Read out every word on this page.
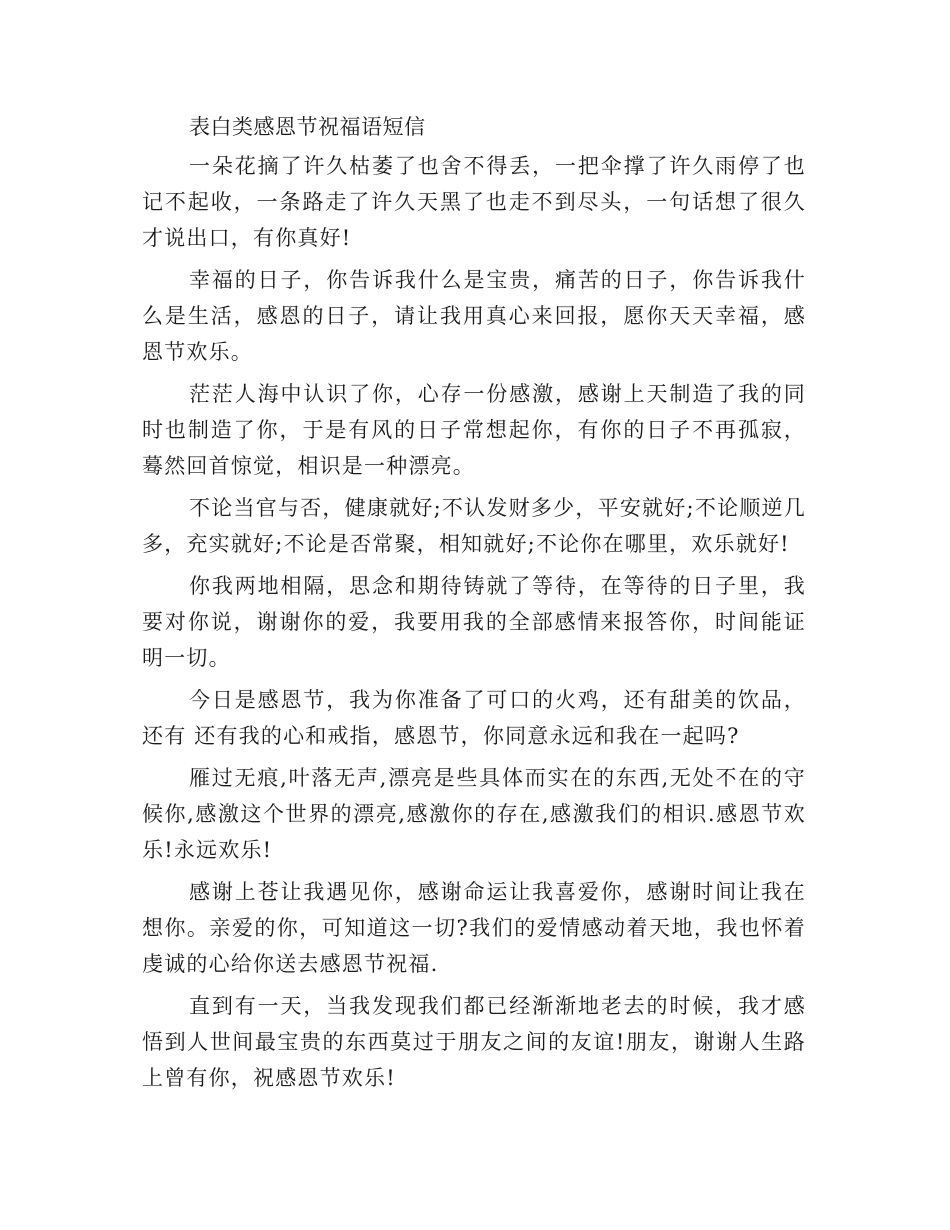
表白类感恩节祝福语短信

一朵花摘了许久枯萎了也舍不得丢，一把伞撑了许久雨停了也记不起收，一条路走了许久天黑了也走不到尽头，一句话想了很久才说出口，有你真好!

幸福的日子，你告诉我什么是宝贵，痛苦的日子，你告诉我什么是生活，感恩的日子，请让我用真心来回报，愿你天天幸福，感恩节欢乐。

茫茫人海中认识了你，心存一份感激，感谢上天制造了我的同时也制造了你，于是有风的日子常想起你，有你的日子不再孤寂，蓦然回首惊觉，相识是一种漂亮。

不论当官与否，健康就好;不认发财多少，平安就好;不论顺逆几多，充实就好;不论是否常聚，相知就好;不论你在哪里，欢乐就好!

你我两地相隔，思念和期待铸就了等待，在等待的日子里，我要对你说，谢谢你的爱，我要用我的全部感情来报答你，时间能证明一切。

今日是感恩节，我为你准备了可口的火鸡，还有甜美的饮品，还有 还有我的心和戒指，感恩节，你同意永远和我在一起吗?

雁过无痕,叶落无声,漂亮是些具体而实在的东西,无处不在的守候你,感激这个世界的漂亮,感激你的存在,感激我们的相识.感恩节欢乐!永远欢乐!

感谢上苍让我遇见你，感谢命运让我喜爱你，感谢时间让我在想你。亲爱的你，可知道这一切?我们的爱情感动着天地，我也怀着虔诚的心给你送去感恩节祝福.

直到有一天，当我发现我们都已经渐渐地老去的时候，我才感悟到人世间最宝贵的东西莫过于朋友之间的友谊!朋友，谢谢人生路上曾有你，祝感恩节欢乐!
